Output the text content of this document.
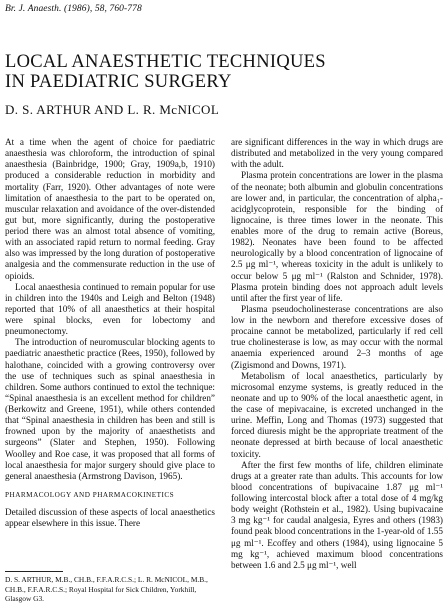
Br. J. Anaesth. (1986), 58, 760-778
LOCAL ANAESTHETIC TECHNIQUES
IN PAEDIATRIC SURGERY
D. S. ARTHUR AND L. R. McNICOL

At a time when the agent of choice for paediatric anaesthesia was chloroform, the introduction of spinal anaesthesia (Bainbridge, 1900; Gray, 1909a,b, 1910) produced a considerable reduction in morbidity and mortality (Farr, 1920). Other advantages of note were limitation of anaesthesia to the part to be operated on, muscular relaxation and avoidance of the over-distended gut but, more significantly, during the postoperative period there was an almost total absence of vomiting, with an associated rapid return to normal feeding. Gray also was impressed by the long duration of postoperative analgesia and the commensurate reduction in the use of opioids.

Local anaesthesia continued to remain popular for use in children into the 1940s and Leigh and Belton (1948) reported that 10% of all anaesthetics at their hospital were spinal blocks, even for lobectomy and pneumonectomy.

The introduction of neuromuscular blocking agents to paediatric anaesthetic practice (Rees, 1950), followed by halothane, coincided with a growing controversy over the use of techniques such as spinal anaesthesia in children. Some authors continued to extol the technique: “Spinal anaesthesia is an excellent method for children” (Berkowitz and Greene, 1951), while others contended that “Spinal anaesthesia in children has been and still is frowned upon by the majority of anaesthetists and surgeons” (Slater and Stephen, 1950). Following Woolley and Roe case, it was proposed that all forms of local anaesthesia for major surgery should give place to general anaesthesia (Armstrong Davison, 1965).

PHARMACOLOGY AND PHARMACOKINETICS

Detailed discussion of these aspects of local anaesthetics appear elsewhere in this issue. There

D. S. ARTHUR, M.B., CH.B., F.F.A.R.C.S.; L. R. McNICOL, M.B.,
CH.B., F.F.A.R.C.S.; Royal Hospital for Sick Children, Yorkhill,
Glasgow G3.

are significant differences in the way in which drugs are distributed and metabolized in the very young compared with the adult.

Plasma protein concentrations are lower in the plasma of the neonate; both albumin and globulin concentrations are lower and, in particular, the concentration of alpha₁-acidglycoprotein, responsible for the binding of lignocaine, is three times lower in the neonate. This enables more of the drug to remain active (Boreus, 1982). Neonates have been found to be affected neurologically by a blood concentration of lignocaine of 2.5 μg ml⁻¹, whereas toxicity in the adult is unlikely to occur below 5 μg ml⁻¹ (Ralston and Schnider, 1978). Plasma protein binding does not approach adult levels until after the first year of life.

Plasma pseudocholinesterase concentrations are also low in the newborn and therefore excessive doses of procaine cannot be metabolized, particularly if red cell true cholinesterase is low, as may occur with the normal anaemia experienced around 2–3 months of age (Zigismond and Downs, 1971).

Metabolism of local anaesthetics, particularly by microsomal enzyme systems, is greatly reduced in the neonate and up to 90% of the local anaesthetic agent, in the case of mepivacaine, is excreted unchanged in the urine. Meffin, Long and Thomas (1973) suggested that forced diuresis might be the appropriate treatment of the neonate depressed at birth because of local anaesthetic toxicity.

After the first few months of life, children eliminate drugs at a greater rate than adults. This accounts for low blood concentrations of bupivacaine 1.87 μg ml⁻¹ following intercostal block after a total dose of 4 mg/kg body weight (Rothstein et al., 1982). Using bupivacaine 3 mg kg⁻¹ for caudal analgesia, Eyres and others (1983) found peak blood concentrations in the 1-year-old of 1.55 μg ml⁻¹. Ecoffey and others (1984), using lignocaine 5 mg kg⁻¹, achieved maximum blood concentrations between 1.6 and 2.5 μg ml⁻¹, well
